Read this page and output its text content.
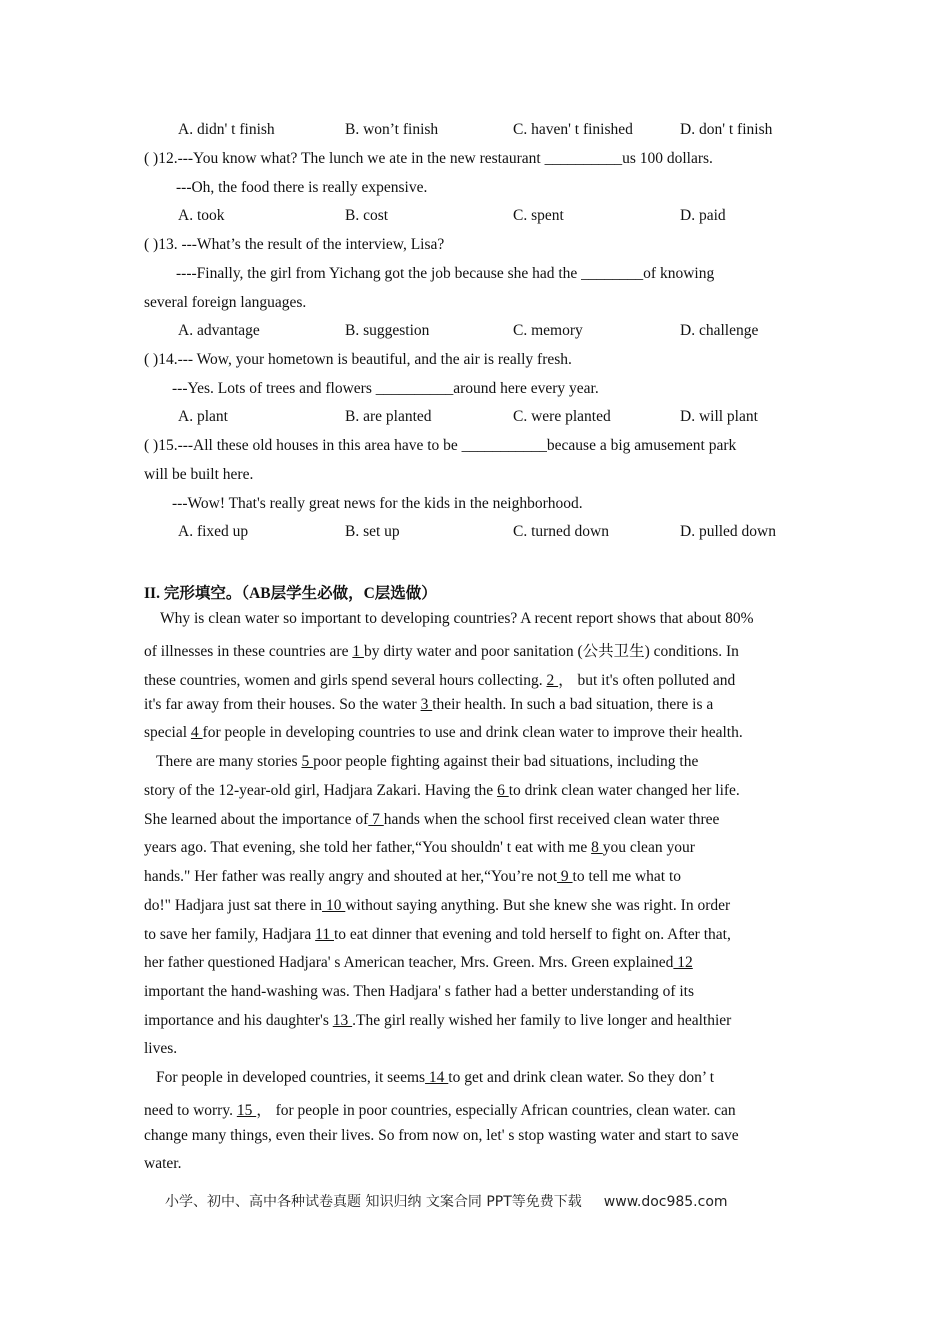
A. didn' t finish	B. won’t finish	C. haven' t finished	D. don' t finish
( )12.---You know what? The lunch we ate in the new restaurant __________us 100 dollars.
---Oh, the food there is really expensive.
A. took	B. cost	C. spent	D. paid
( )13. ---What’s the result of the interview, Lisa?
----Finally, the girl from Yichang got the job because she had the ________of knowing
several foreign languages.
A. advantage	B. suggestion	C. memory	D. challenge
( )14.--- Wow, your hometown is beautiful, and the air is really fresh.
---Yes. Lots of trees and flowers __________around here every year.
A. plant	B. are planted	C. were planted	D. will plant
( )15.---All these old houses in this area have to be ___________because a big amusement park
will be built here.
---Wow! That's really great news for the kids in the neighborhood.
A. fixed up	B. set up	C. turned down	D. pulled down
II. 完形填空。（AB层学生必做，C层选做）
Why is clean water so important to developing countries? A recent report shows that about 80%
of illnesses in these countries are 1 by dirty water and poor sanitation (公共卫生) conditions. In
these countries, women and girls spend several hours collecting. 2 ， but it's often polluted and
it's far away from their houses. So the water 3 their health. In such a bad situation, there is a
special 4 for people in developing countries to use and drink clean water to improve their health.
There are many stories 5 poor people fighting against their bad situations, including the
story of the 12-year-old girl, Hadjara Zakari. Having the 6 to drink clean water changed her life.
She learned about the importance of 7 hands when the school first received clean water three
years ago. That evening, she told her father,“You shouldn' t eat with me 8 you clean your
hands." Her father was really angry and shouted at her,“You’re not 9 to tell me what to
do!" Hadjara just sat there in 10 without saying anything. But she knew she was right. In order
to save her family, Hadjara 11 to eat dinner that evening and told herself to fight on. After that,
her father questioned Hadjara' s American teacher, Mrs. Green. Mrs. Green explained 12
important the hand-washing was. Then Hadjara' s father had a better understanding of its
importance and his daughter's 13 .The girl really wished her family to live longer and healthier
lives.
For people in developed countries, it seems 14 to get and drink clean water. So they don’ t
need to worry. 15 ， for people in poor countries, especially African countries, clean water. can
change many things, even their lives. So from now on, let' s stop wasting water and start to save
water.
小学、初中、高中各种试卷真题 知识归纳 文案合同 PPT等免费下载 www.doc985.com
